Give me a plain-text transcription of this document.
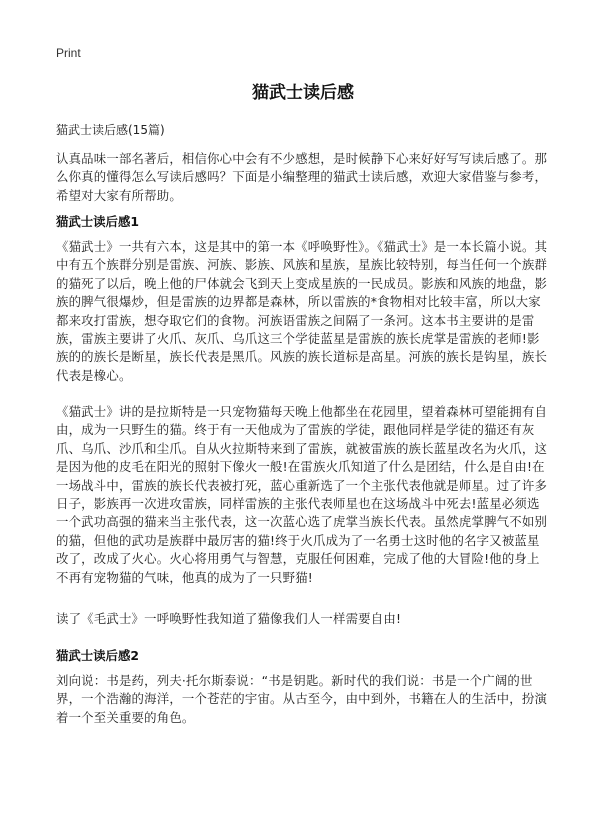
Print
猫武士读后感
猫武士读后感(15篇)

认真品味一部名著后，相信你心中会有不少感想，是时候静下心来好好写写读后感了。那么你真的懂得怎么写读后感吗？下面是小编整理的猫武士读后感，欢迎大家借鉴与参考，希望对大家有所帮助。

猫武士读后感1

《猫武士》一共有六本，这是其中的第一本《呼唤野性》。《猫武士》是一本长篇小说。其中有五个族群分别是雷族、河族、影族、风族和星族，星族比较特别，每当任何一个族群的猫死了以后，晚上他的尸体就会飞到天上变成星族的一民成员。影族和风族的地盘，影族的脾气很爆炒，但是雷族的边界都是森林，所以雷族的*食物相对比较丰富，所以大家都来攻打雷族，想夺取它们的食物。河族语雷族之间隔了一条河。这本书主要讲的是雷族，雷族主要讲了火爪、灰爪、乌爪这三个学徒蓝星是雷族的族长虎掌是雷族的老师!影族的的族长是断星，族长代表是黑爪。风族的族长道标是高星。河族的族长是钩星，族长代表是橡心。

《猫武士》讲的是拉斯特是一只宠物猫每天晚上他都坐在花园里，望着森林可望能拥有自由，成为一只野生的猫。终于有一天他成为了雷族的学徒，跟他同样是学徒的猫还有灰爪、乌爪、沙爪和尘爪。自从火拉斯特来到了雷族，就被雷族的族长蓝星改名为火爪，这是因为他的皮毛在阳光的照射下像火一般!在雷族火爪知道了什么是团结，什么是自由!在一场战斗中，雷族的族长代表被打死，蓝心重新选了一个主张代表他就是师星。过了许多日子，影族再一次进攻雷族，同样雷族的主张代表师星也在这场战斗中死去!蓝星必须选一个武功高强的猫来当主张代表，这一次蓝心选了虎掌当族长代表。虽然虎掌脾气不如别的猫，但他的武功是族群中最厉害的猫!终于火爪成为了一名勇士这时他的名字又被蓝星改了，改成了火心。火心将用勇气与智慧，克服任何困难，完成了他的大冒险!他的身上不再有宠物猫的气味，他真的成为了一只野猫!

读了《毛武士》一呼唤野性我知道了猫像我们人一样需要自由!

猫武士读后感2

刘向说：书是药，列夫·托尔斯泰说：“书是钥匙。新时代的我们说：书是一个广阔的世界，一个浩瀚的海洋，一个苍茫的宇宙。从古至今，由中到外，书籍在人的生活中，扮演着一个至关重要的角色。
